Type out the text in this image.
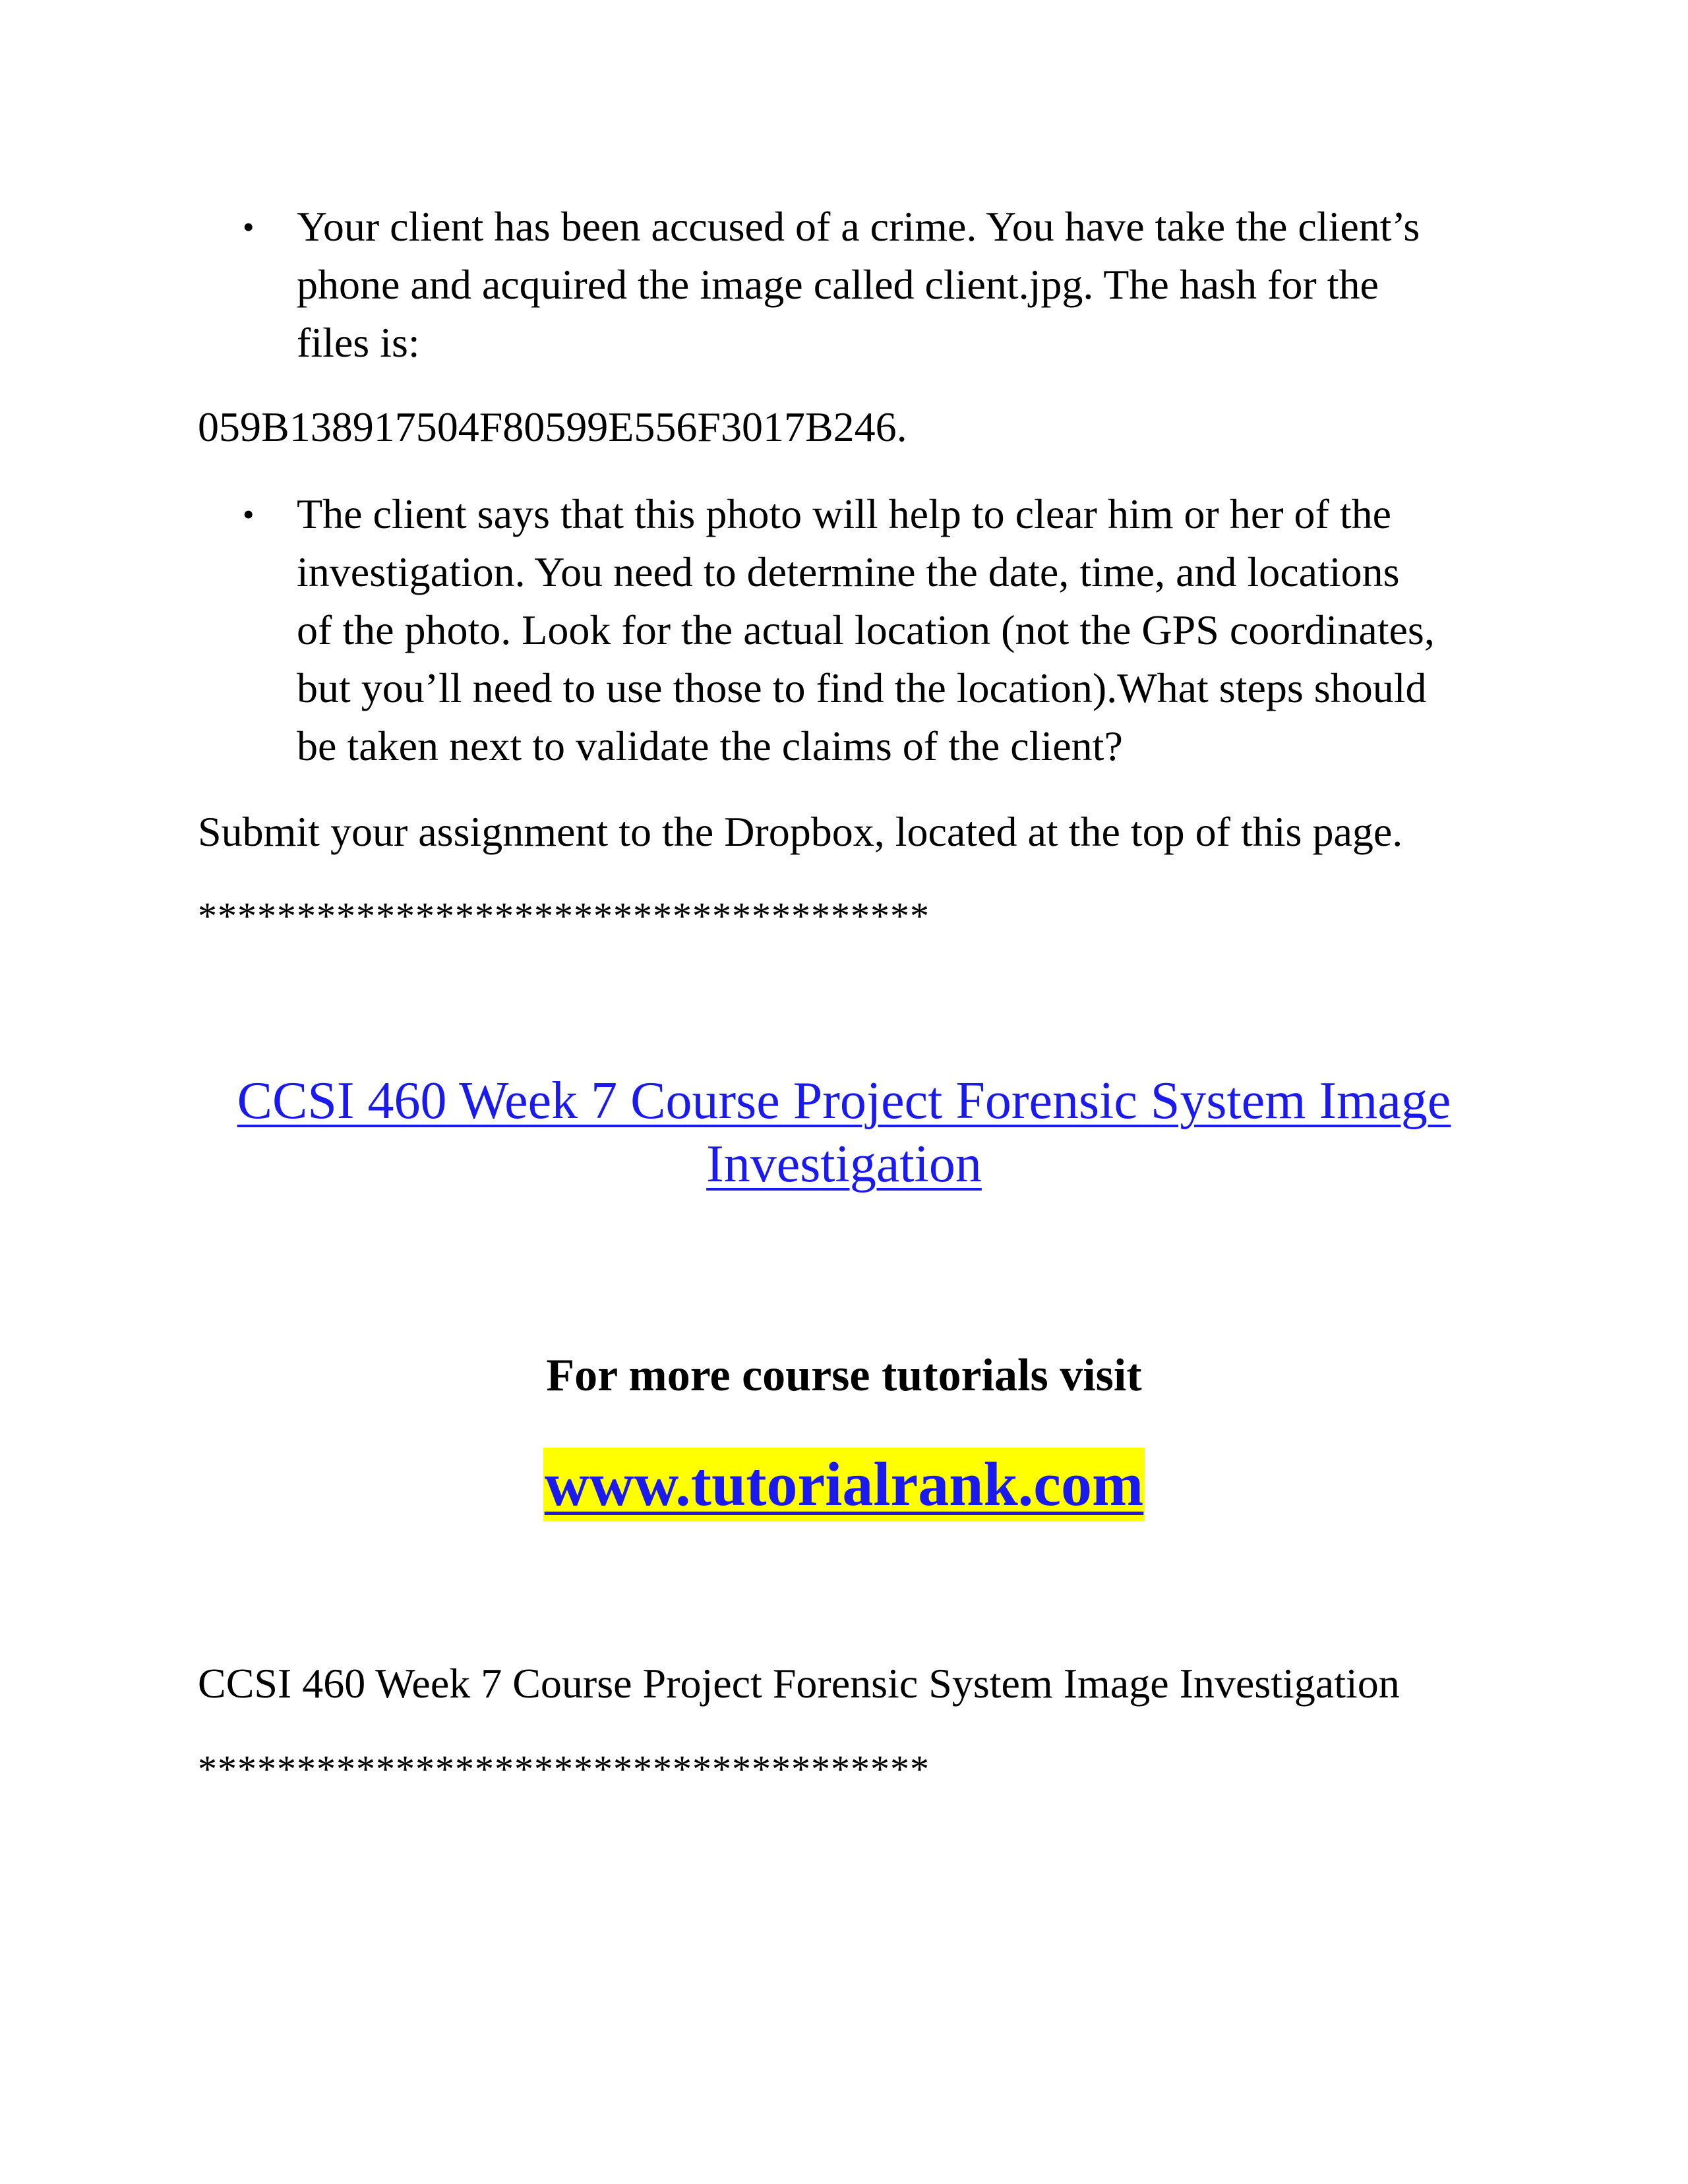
• Your client has been accused of a crime. You have take the client’s
phone and acquired the image called client.jpg. The hash for the
files is:
059B138917504F80599E556F3017B246.
• The client says that this photo will help to clear him or her of the
investigation. You need to determine the date, time, and locations
of the photo. Look for the actual location (not the GPS coordinates,
but you’ll need to use those to find the location).What steps should
be taken next to validate the claims of the client?
Submit your assignment to the Dropbox, located at the top of this page.
*************************************
CCSI 460 Week 7 Course Project Forensic System Image
Investigation
For more course tutorials visit
www.tutorialrank.com
CCSI 460 Week 7 Course Project Forensic System Image Investigation
*************************************
